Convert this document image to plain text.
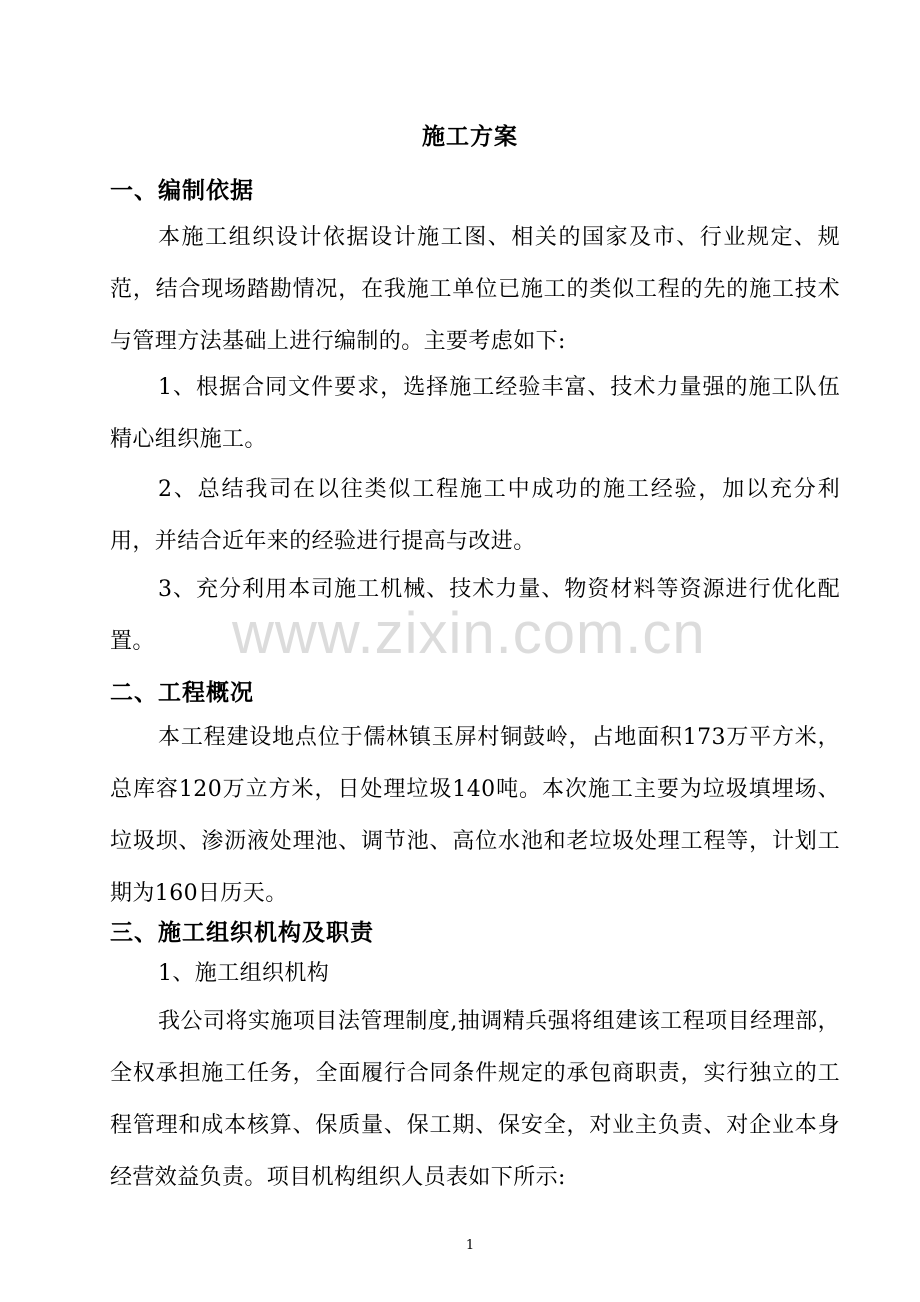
施工方案
一、编制依据
本施工组织设计依据设计施工图、相关的国家及市、行业规定、规范，结合现场踏勘情况，在我施工单位已施工的类似工程的先的施工技术与管理方法基础上进行编制的。主要考虑如下:
1、根据合同文件要求，选择施工经验丰富、技术力量强的施工队伍精心组织施工。
2、总结我司在以往类似工程施工中成功的施工经验，加以充分利用，并结合近年来的经验进行提高与改进。
3、充分利用本司施工机械、技术力量、物资材料等资源进行优化配置。	www.zixin.com.cn
二、工程概况
本工程建设地点位于儒林镇玉屏村铜鼓岭，占地面积173万平方米，总库容120万立方米，日处理垃圾140吨。本次施工主要为垃圾填埋场、垃圾坝、渗沥液处理池、调节池、高位水池和老垃圾处理工程等，计划工期为160日历天。
三、施工组织机构及职责
1、施工组织机构
我公司将实施项目法管理制度,抽调精兵强将组建该工程项目经理部，全权承担施工任务，全面履行合同条件规定的承包商职责，实行独立的工程管理和成本核算、保质量、保工期、保安全，对业主负责、对企业本身经营效益负责。项目机构组织人员表如下所示:
1
